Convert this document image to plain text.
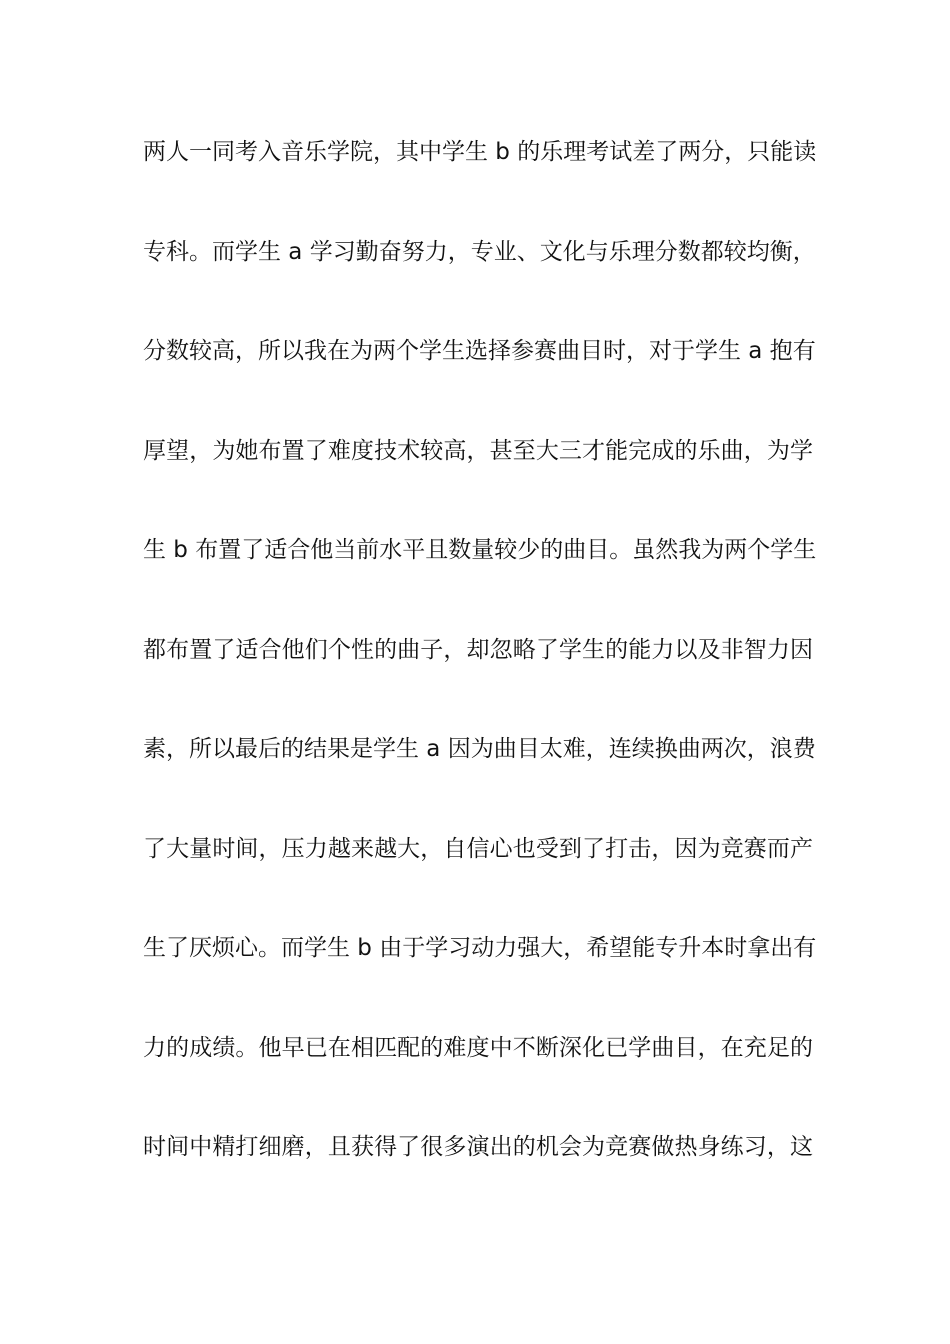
两人一同考入音乐学院，其中学生 b 的乐理考试差了两分，只能读
专科。而学生 a 学习勤奋努力，专业、文化与乐理分数都较均衡，
分数较高，所以我在为两个学生选择参赛曲目时，对于学生 a 抱有
厚望，为她布置了难度技术较高，甚至大三才能完成的乐曲，为学
生 b 布置了适合他当前水平且数量较少的曲目。虽然我为两个学生
都布置了适合他们个性的曲子，却忽略了学生的能力以及非智力因
素，所以最后的结果是学生 a 因为曲目太难，连续换曲两次，浪费
了大量时间，压力越来越大，自信心也受到了打击，因为竞赛而产
生了厌烦心。而学生 b 由于学习动力强大，希望能专升本时拿出有
力的成绩。他早已在相匹配的难度中不断深化已学曲目，在充足的
时间中精打细磨，且获得了很多演出的机会为竞赛做热身练习，这
